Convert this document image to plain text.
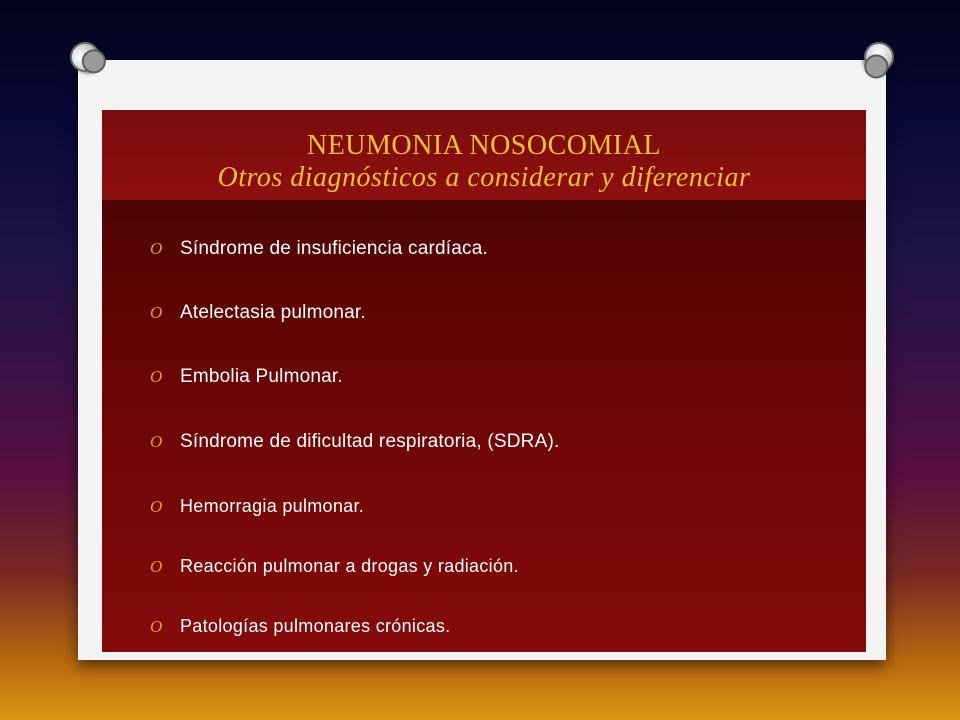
NEUMONIA NOSOCOMIAL
Otros diagnósticos a considerar y diferenciar
O Síndrome de insuficiencia cardíaca.
O Atelectasia pulmonar.
O Embolia Pulmonar.
O Síndrome de dificultad respiratoria, (SDRA).
O Hemorragia pulmonar.
O Reacción pulmonar a drogas y radiación.
O Patologías pulmonares crónicas.
